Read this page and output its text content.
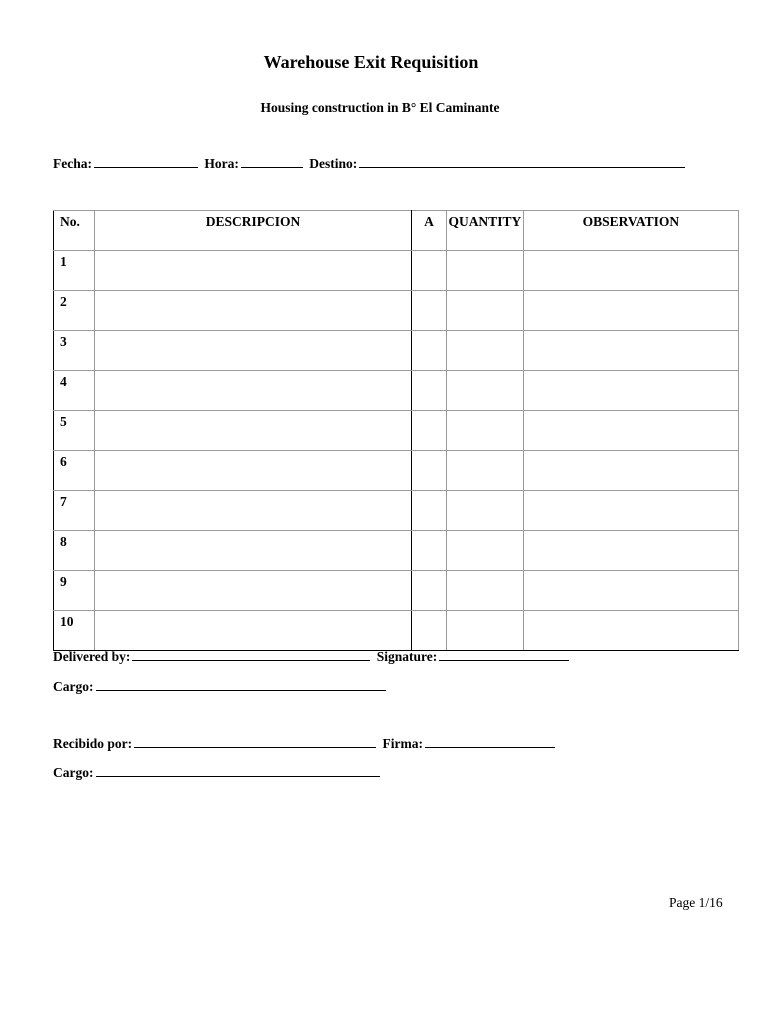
Warehouse Exit Requisition
Housing construction in B° El Caminante
Fecha:	Hora:	Destino:
No.	DESCRIPCION	A	QUANTITY	OBSERVATION
1				
2				
3				
4				
5				
6				
7				
8				
9				
10				
Delivered by:	Signature:
Cargo:
Recibido por:	Firma:
Cargo:
Page 1/16
